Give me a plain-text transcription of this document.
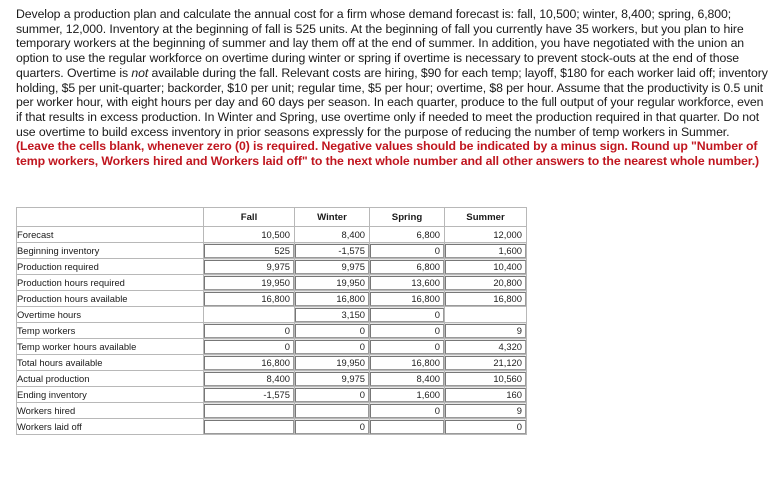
Develop a production plan and calculate the annual cost for a firm whose demand forecast is: fall, 10,500; winter, 8,400; spring, 6,800; summer, 12,000. Inventory at the beginning of fall is 525 units. At the beginning of fall you currently have 35 workers, but you plan to hire temporary workers at the beginning of summer and lay them off at the end of summer. In addition, you have negotiated with the union an option to use the regular workforce on overtime during winter or spring if overtime is necessary to prevent stock-outs at the end of those quarters. Overtime is not available during the fall. Relevant costs are hiring, $90 for each temp; layoff, $180 for each worker laid off; inventory holding, $5 per unit-quarter; backorder, $10 per unit; regular time, $5 per hour; overtime, $8 per hour. Assume that the productivity is 0.5 unit per worker hour, with eight hours per day and 60 days per season. In each quarter, produce to the full output of your regular workforce, even if that results in excess production. In Winter and Spring, use overtime only if needed to meet the production required in that quarter. Do not use overtime to build excess inventory in prior seasons expressly for the purpose of reducing the number of temp workers in Summer. (Leave the cells blank, whenever zero (0) is required. Negative values should be indicated by a minus sign. Round up "Number of temp workers, Workers hired and Workers laid off" to the next whole number and all other answers to the nearest whole number.)

	Fall	Winter	Spring	Summer
Forecast	10,500	8,400	6,800	12,000
Beginning inventory	525	-1,575	0	1,600

Production required	9,975	9,975	6,800	10,400

Production hours required	19,950	19,950	13,600	20,800

Production hours available	16,800	16,800	16,800	16,800

Overtime hours		3,150	0	

Temp workers	0	0	0	9

Temp worker hours available	0	0	0	4,320

Total hours available	16,800	19,950	16,800	21,120

Actual production	8,400	9,975	8,400	10,560

Ending inventory	-1,575	0	1,600	160

Workers hired			0	9

Workers laid off		0		0
